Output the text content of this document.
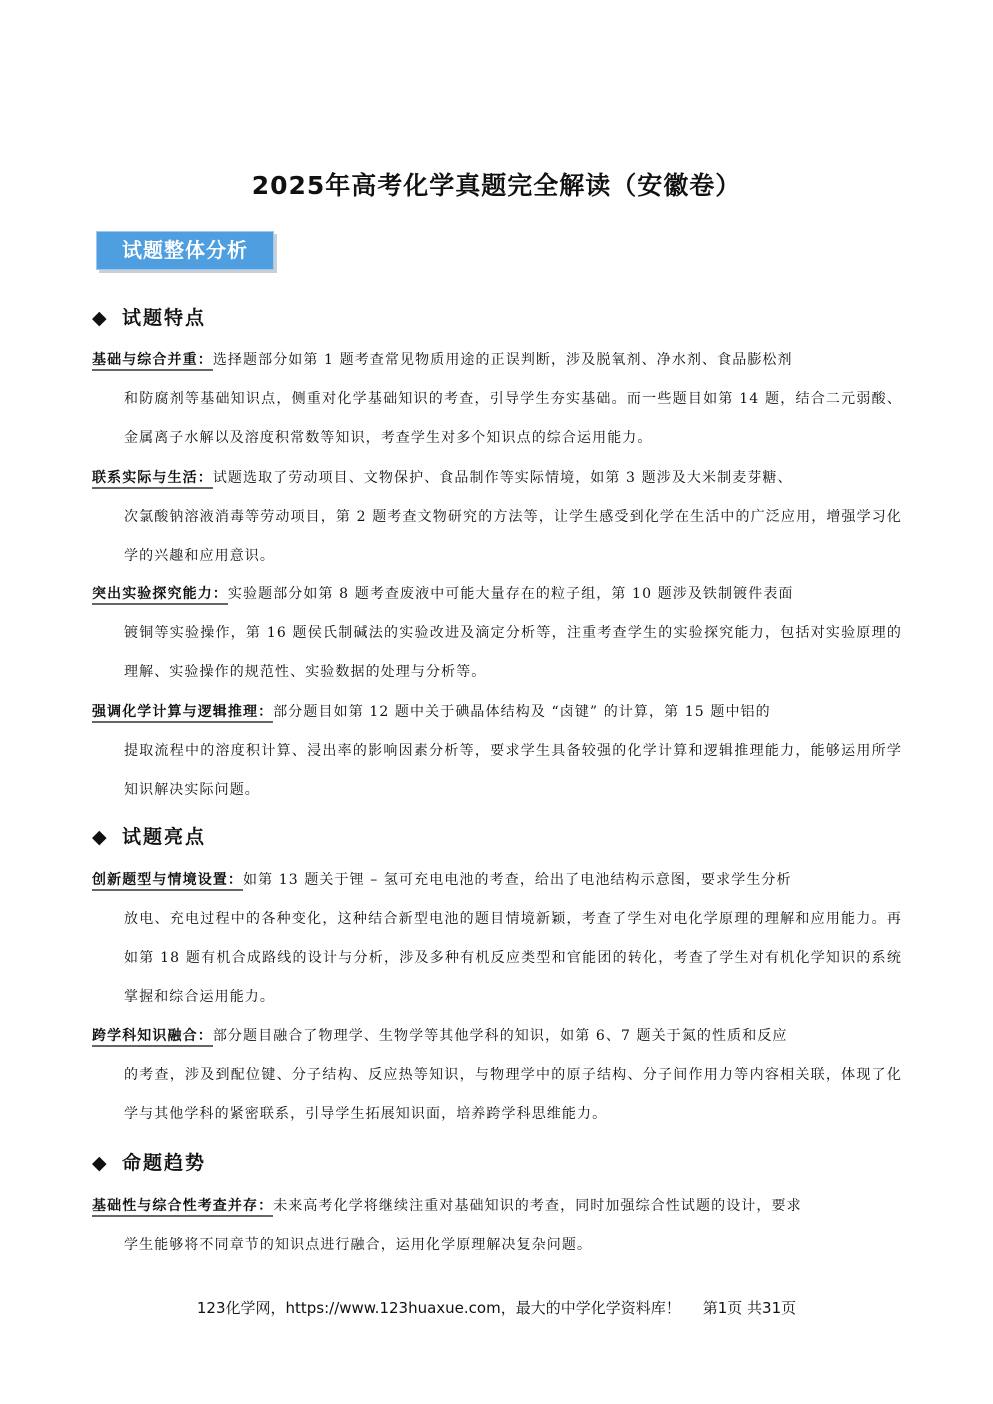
2025年高考化学真题完全解读（安徽卷）
试题整体分析
◆ 试题特点

基础与综合并重：选择题部分如第 1 题考查常见物质用途的正误判断，涉及脱氧剂、净水剂、食品膨松剂
和防腐剂等基础知识点，侧重对化学基础知识的考查，引导学生夯实基础。而一些题目如第 14 题，结合二元弱酸、金属离子水解以及溶度积常数等知识，考查学生对多个知识点的综合运用能力。

联系实际与生活：试题选取了劳动项目、文物保护、食品制作等实际情境，如第 3 题涉及大米制麦芽糖、
次氯酸钠溶液消毒等劳动项目，第 2 题考查文物研究的方法等，让学生感受到化学在生活中的广泛应用，增强学习化学的兴趣和应用意识。

突出实验探究能力：实验题部分如第 8 题考查废液中可能大量存在的粒子组，第 10 题涉及铁制镀件表面
镀铜等实验操作，第 16 题侯氏制碱法的实验改进及滴定分析等，注重考查学生的实验探究能力，包括对实验原理的理解、实验操作的规范性、实验数据的处理与分析等。

强调化学计算与逻辑推理：部分题目如第 12 题中关于碘晶体结构及 “卤键” 的计算，第 15 题中铝的
提取流程中的溶度积计算、浸出率的影响因素分析等，要求学生具备较强的化学计算和逻辑推理能力，能够运用所学知识解决实际问题。

◆ 试题亮点

创新题型与情境设置：如第 13 题关于锂 – 氢可充电电池的考查，给出了电池结构示意图，要求学生分析
放电、充电过程中的各种变化，这种结合新型电池的题目情境新颖，考查了学生对电化学原理的理解和应用能力。再如第 18 题有机合成路线的设计与分析，涉及多种有机反应类型和官能团的转化，考查了学生对有机化学知识的系统掌握和综合运用能力。

跨学科知识融合：部分题目融合了物理学、生物学等其他学科的知识，如第 6、7 题关于氮的性质和反应
的考查，涉及到配位键、分子结构、反应热等知识，与物理学中的原子结构、分子间作用力等内容相关联，体现了化学与其他学科的紧密联系，引导学生拓展知识面，培养跨学科思维能力。

◆ 命题趋势

基础性与综合性考查并存：未来高考化学将继续注重对基础知识的考查，同时加强综合性试题的设计，要求
学生能够将不同章节的知识点进行融合，运用化学原理解决复杂问题。

123化学网，https://www.123huaxue.com，最大的中学化学资料库！ 第1页 共31页
